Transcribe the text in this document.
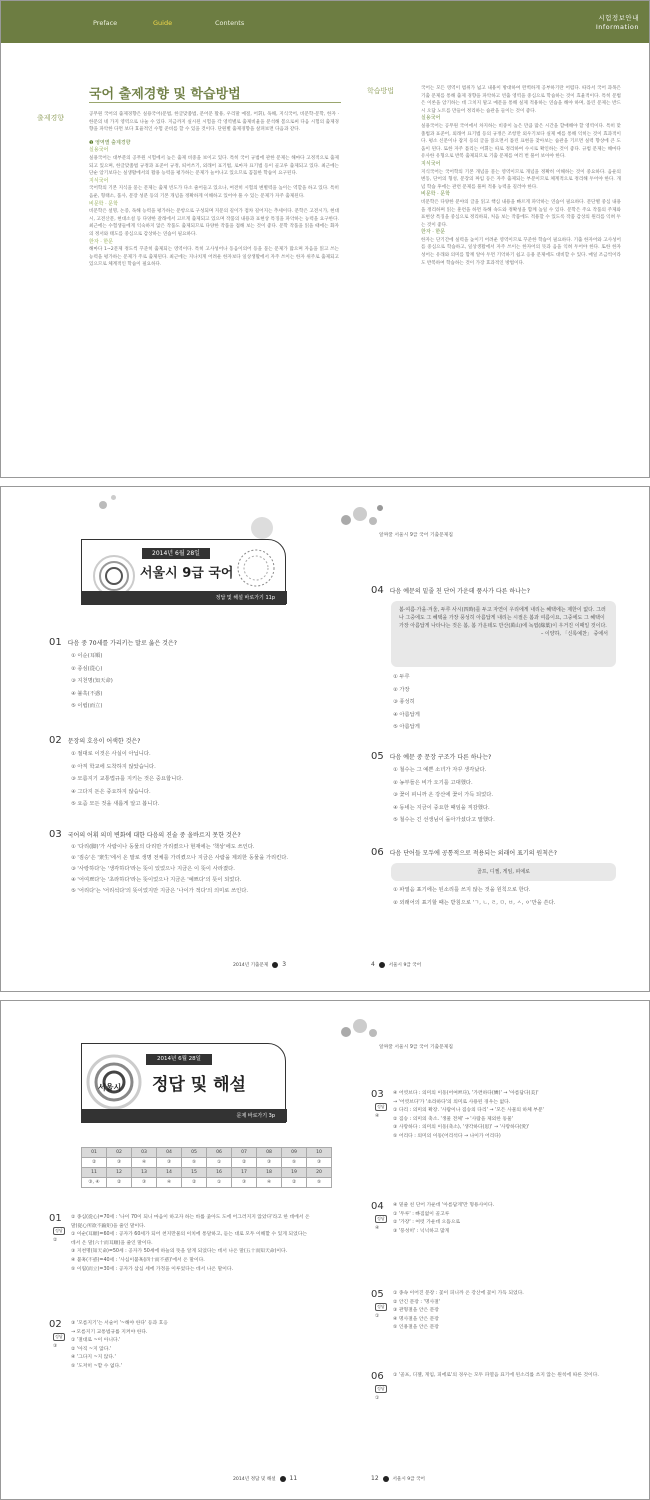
Preface	Guide	Contents
시험정보안내
Information
국어 출제경향 및 학습방법
출제경향
학습방법

공무원 국어의 출제경향은 실용국어(문법, 한글맞춤법, 문어문 활용, 우리말 예절, 어휘), 독해, 지식국어, 비문학-문학, 한자 · 한문의 네 가지 영역으로 나눌 수 있다. 지금까지 실시된 시험을 각 영역별로 출제비율을 분석해 봄으로써 다음 시험의 출제경향을 파악한 다면 보다 효율적인 수험 준비를 할 수 있을 것이다. 단원별 출제경향을 살펴보면 다음과 같다.

❶ 영역별 출제경향

실용국어

실용국어는 대부분의 공무원 시험에서 높은 출제 비중을 보이고 있다. 특히 국어 규범에 관한 문제는 해마다 고정적으로 출제되고 있으며, 한글맞춤법 규정과 표준어 규정, 띄어쓰기, 외래어 표기법, 로마자 표기법 등이 골고루 출제되고 있다. 최근에는 단순 암기보다는 실생활에서의 활용 능력을 평가하는 문제가 늘어나고 있으므로 꼼꼼한 학습이 요구된다.

지식국어

국어학의 기본 지식을 묻는 문제는 출제 빈도가 다소 줄어들고 있으나, 여전히 시험의 변별력을 높이는 역할을 하고 있다. 특히 음운, 형태소, 품사, 문장 성분 등의 기본 개념을 정확하게 이해하고 있어야 풀 수 있는 문제가 자주 출제된다.

비문학 · 문학

비문학은 설명, 논증, 독해 능력을 평가하는 문항으로 구성되며 지문의 길이가 점차 길어지는 추세이다. 문학은 고전시가, 현대시, 고전산문, 현대소설 등 다양한 갈래에서 고르게 출제되고 있으며 작품의 내용과 표현상 특징을 파악하는 능력을 요구한다. 최근에는 수험생들에게 익숙하지 않은 작품도 출제되므로 다양한 작품을 접해 보는 것이 좋다. 문학 작품을 읽을 때에는 화자의 정서와 태도를 중심으로 감상하는 연습이 필요하다.

한자 · 한문

해마다 1~2문제 정도씩 꾸준히 출제되는 영역이다. 특히 고사성어나 동음이의어 등을 묻는 문제가 많으며 자음을 읽고 쓰는 능력을 평가하는 문제가 주로 출제된다. 최근에는 지나치게 어려운 한자보다 일상생활에서 자주 쓰이는 한자 위주로 출제되고 있으므로 체계적인 학습이 필요하다.

국어는 모든 영역이 범위가 넓고 내용이 방대하여 완벽하게 공부하기란 어렵다. 따라서 국어 과목은 기출 문제를 통해 출제 경향을 파악하고 빈출 영역을 중심으로 학습하는 것이 효율적이다. 특히 문법은 이론을 암기하는 데 그치지 말고 예문을 통해 실제 적용하는 연습을 해야 하며, 틀린 문제는 반드시 오답 노트를 만들어 정리하는 습관을 들이는 것이 좋다.

실용국어

실용국어는 공무원 국어에서 차지하는 비중이 높은 만큼 많은 시간을 할애해야 할 영역이다. 특히 맞춤법과 표준어, 외래어 표기법 등의 규정은 조항만 외우기보다 실제 예를 통해 익히는 것이 효과적이다. 평소 신문이나 잡지 등의 글을 읽으면서 틀린 표현을 찾아보는 습관을 기르면 실력 향상에 큰 도움이 된다. 또한 자주 틀리는 어휘는 따로 정리하여 수시로 확인하는 것이 좋다. 규범 문제는 해마다 유사한 유형으로 반복 출제되므로 기출 문제를 여러 번 풀어 보아야 한다.

지식국어

지식국어는 국어학의 기본 개념을 묻는 영역이므로 개념을 정확히 이해하는 것이 중요하다. 음운의 변동, 단어의 형성, 문장의 짜임 등은 자주 출제되는 부분이므로 체계적으로 정리해 두어야 한다. 개념 학습 후에는 관련 문제를 풀며 적용 능력을 길러야 한다.

비문학 · 문학

비문학은 다양한 분야의 글을 읽고 핵심 내용을 빠르게 파악하는 연습이 필요하다. 문단별 중심 내용을 정리하며 읽는 훈련을 하면 독해 속도와 정확성을 함께 높일 수 있다. 문학은 주요 작품의 주제와 표현상 특징을 중심으로 정리하되, 처음 보는 작품에도 적용할 수 있도록 작품 감상의 원리를 익혀 두는 것이 좋다.

한자 · 한문

한자는 단기간에 실력을 높이기 어려운 영역이므로 꾸준한 학습이 필요하다. 기출 한자어와 고사성어를 중심으로 학습하고, 일상생활에서 자주 쓰이는 한자어의 뜻과 음을 익혀 두어야 한다. 또한 한자 성어는 유래와 의미를 함께 알아 두면 기억하기 쉽고 응용 문제에도 대비할 수 있다. 매일 조금씩이라도 반복하여 학습하는 것이 가장 효과적인 방법이다.

알짜꿀 서울시 9급 국어 기출문제집
2014년 6월 28일
서울시 9급 국어
정답 및 해설 바로가기 11p
01 다음 중 70세를 가리키는 말로 옳은 것은?
① 이순(耳順)
② 종심(從心)
③ 지천명(知天命)
④ 불혹(不惑)
⑤ 이립(而立)
02 문장의 호응이 어색한 것은?
① 절대로 이것은 사실이 아닙니다.
② 아직 학교에 도착하지 않았습니다.
③ 모름지기 교통법규를 지키는 것은 중요합니다.
④ 그다지 돈은 중요하지 않습니다.
⑤ 요즘 모든 것을 새롭게 알고 봅니다.
03 국어의 어휘 의미 변화에 대한 다음의 진술 중 올바르지 못한 것은?
① '다리(脚)'가 사람이나 동물의 다리만 가리켰으나 현재에는 '책상'에도 쓰인다.
② '짐승'은 '衆生'에서 온 말로 생명 전체를 가리켰으나 지금은 사람을 제외한 동물을 가리킨다.
③ '사랑하다'는 '생각하다'라는 뜻이 있었으나 지금은 이 뜻이 사라졌다.
④ '어여쁘다'는 '초라하다'라는 뜻이었으나 지금은 '예쁘다'의 뜻이 되었다.
⑤ '어리다'는 '어리석다'의 뜻이었지만 지금은 '나이가 적다'의 의미로 쓰인다.
04 다음 예문의 밑줄 친 단어 가운데 품사가 다른 하나는?
봄·여름·가을·겨울, 두루 사시(四時)를 두고 자연이 우리에게 내리는 혜택에는 제한이 없다. 그러나 그중에도 그 혜택을 가장 풍성히 아름답게 내리는 시절은 봄과 여름이요, 그중에도 그 혜택이 가장 아름답게 나타나는 것은 봄, 봄 가운데도 만산(萬山)에 녹엽(綠葉)이 우거진 이때일 것이다.
– 이양하, 「신록예찬」 중에서
① 두루
② 가장
③ 풍성히
④ 아름답게
⑤ 아름답게
05 다음 예문 중 문장 구조가 다른 하나는?
① 철수는 그 예쁜 소녀가 자꾸 생각났다.
② 농부들은 비가 오기를 고대했다.
③ 꽃이 피니까 온 강산에 꽃이 가득 되었다.
④ 동네는 지금이 중요한 때임을 직감했다.
⑤ 철수는 긴 선생님이 돌아가셨다고 말했다.
06 다음 단어들 모두에 공통적으로 적용되는 외래어 표기의 원칙은?
골프, 디젤, 게임, 피에로
① 파열음 표기에는 된소리를 쓰지 않는 것을 원칙으로 한다.
② 외래어의 표기할 때는 받침으로 'ㄱ, ㄴ, ㄹ, ㅁ, ㅂ, ㅅ, ㅇ'만을 쓴다.
2014년 기출문제 3	4	서울시 9급 국어
알짜꿀 서울시 9급 국어 기출문제집
서울시
2014년 6월 28일
정답 및 해설
문제 바로가기 3p
01	02	03	04	05	06	07	08	09	10
②	③	④	③	⑤	①	②	③	⑤	③
11	12	13	14	15	16	17	18	19	20
③, ④	②	③	④	②	①	③	④	②	⑤
01
정답
②
② 종심(從心)=70세 : '나이 70이 되니 마음이 하고자 하는 바를 좇아도 도에 어그러지지 않았다'라고 한 데에서 온 말(從心所欲不踰矩)을 줄인 말이다.
① 이순(耳順)=60세 : 공자가 60세가 되어 천지만물의 이치에 통달하고, 듣는 대로 모두 이해할 수 있게 되었다는 데서 온 말(六十而耳順)을 줄인 말이다.
③ 지천명(知天命)=50세 : 공자가 50세에 하늘의 뜻을 알게 되었다는 데서 나온 말(五十而知天命)이다.
④ 불혹(不惑)=40세 : '사십이불혹(四十而不惑)'에서 온 말이다.
⑤ 이립(而立)=30세 : 공자가 삼십 세에 가정을 이루었다는 데서 나온 말이다.
02
정답
③
③ '모름지기'는 서술어 '~해야 한다' 등과 호응
→ 모름지기 교통법규를 지켜야 한다.
① '절대로 ~이 아니다.'
② '아직 ~지 않다.'
④ '그다지 ~지 않다.'
⑤ '도저히 ~할 수 없다.'
03
정답
④
④ 어엿브다 : 의미의 이동(어여쁘다), '가련하다(憐)' → '아름답다(美)'
→ '어엿브다'가 '초라하다'의 의미로 사용된 경우는 없다.
① 다리 : 의미의 확장. '사람이나 짐승의 다리' → '모든 사물의 하체 부분'
② 짐승 : 의미의 축소. '생물 전체' → '사람을 제외한 동물'
③ 사랑하다 : 의미의 이동(축소), '생각하다(思)' → '사랑하다(愛)'
⑤ 어리다 : 의미의 이동(어리석다 → 나이가 어리다)
04
정답
④
④ 밑줄 친 단어 가운데 '아름답게'만 형용사이다.
① '두루' : 빠짐없이 골고루
② '가장' : 여럿 가운데 으뜸으로
③ '풍성히' : 넉넉하고 많게
05
정답
①
① 종속 이어진 문장 : 꽃이 피니까 온 강산에 꽃이 가득 되었다.
② 안긴 문장 : '명사절'
③ 관형절을 안은 문장
④ 명사절을 안은 문장
⑤ 인용절을 안은 문장
06
정답
①
① '골프, 디젤, 게임, 피에로'의 경우는 모두 파열음 표기에 된소리를 쓰지 않는 원칙에 따른 것이다.
2014년 정답 및 해설 11	12	서울시 9급 국어
